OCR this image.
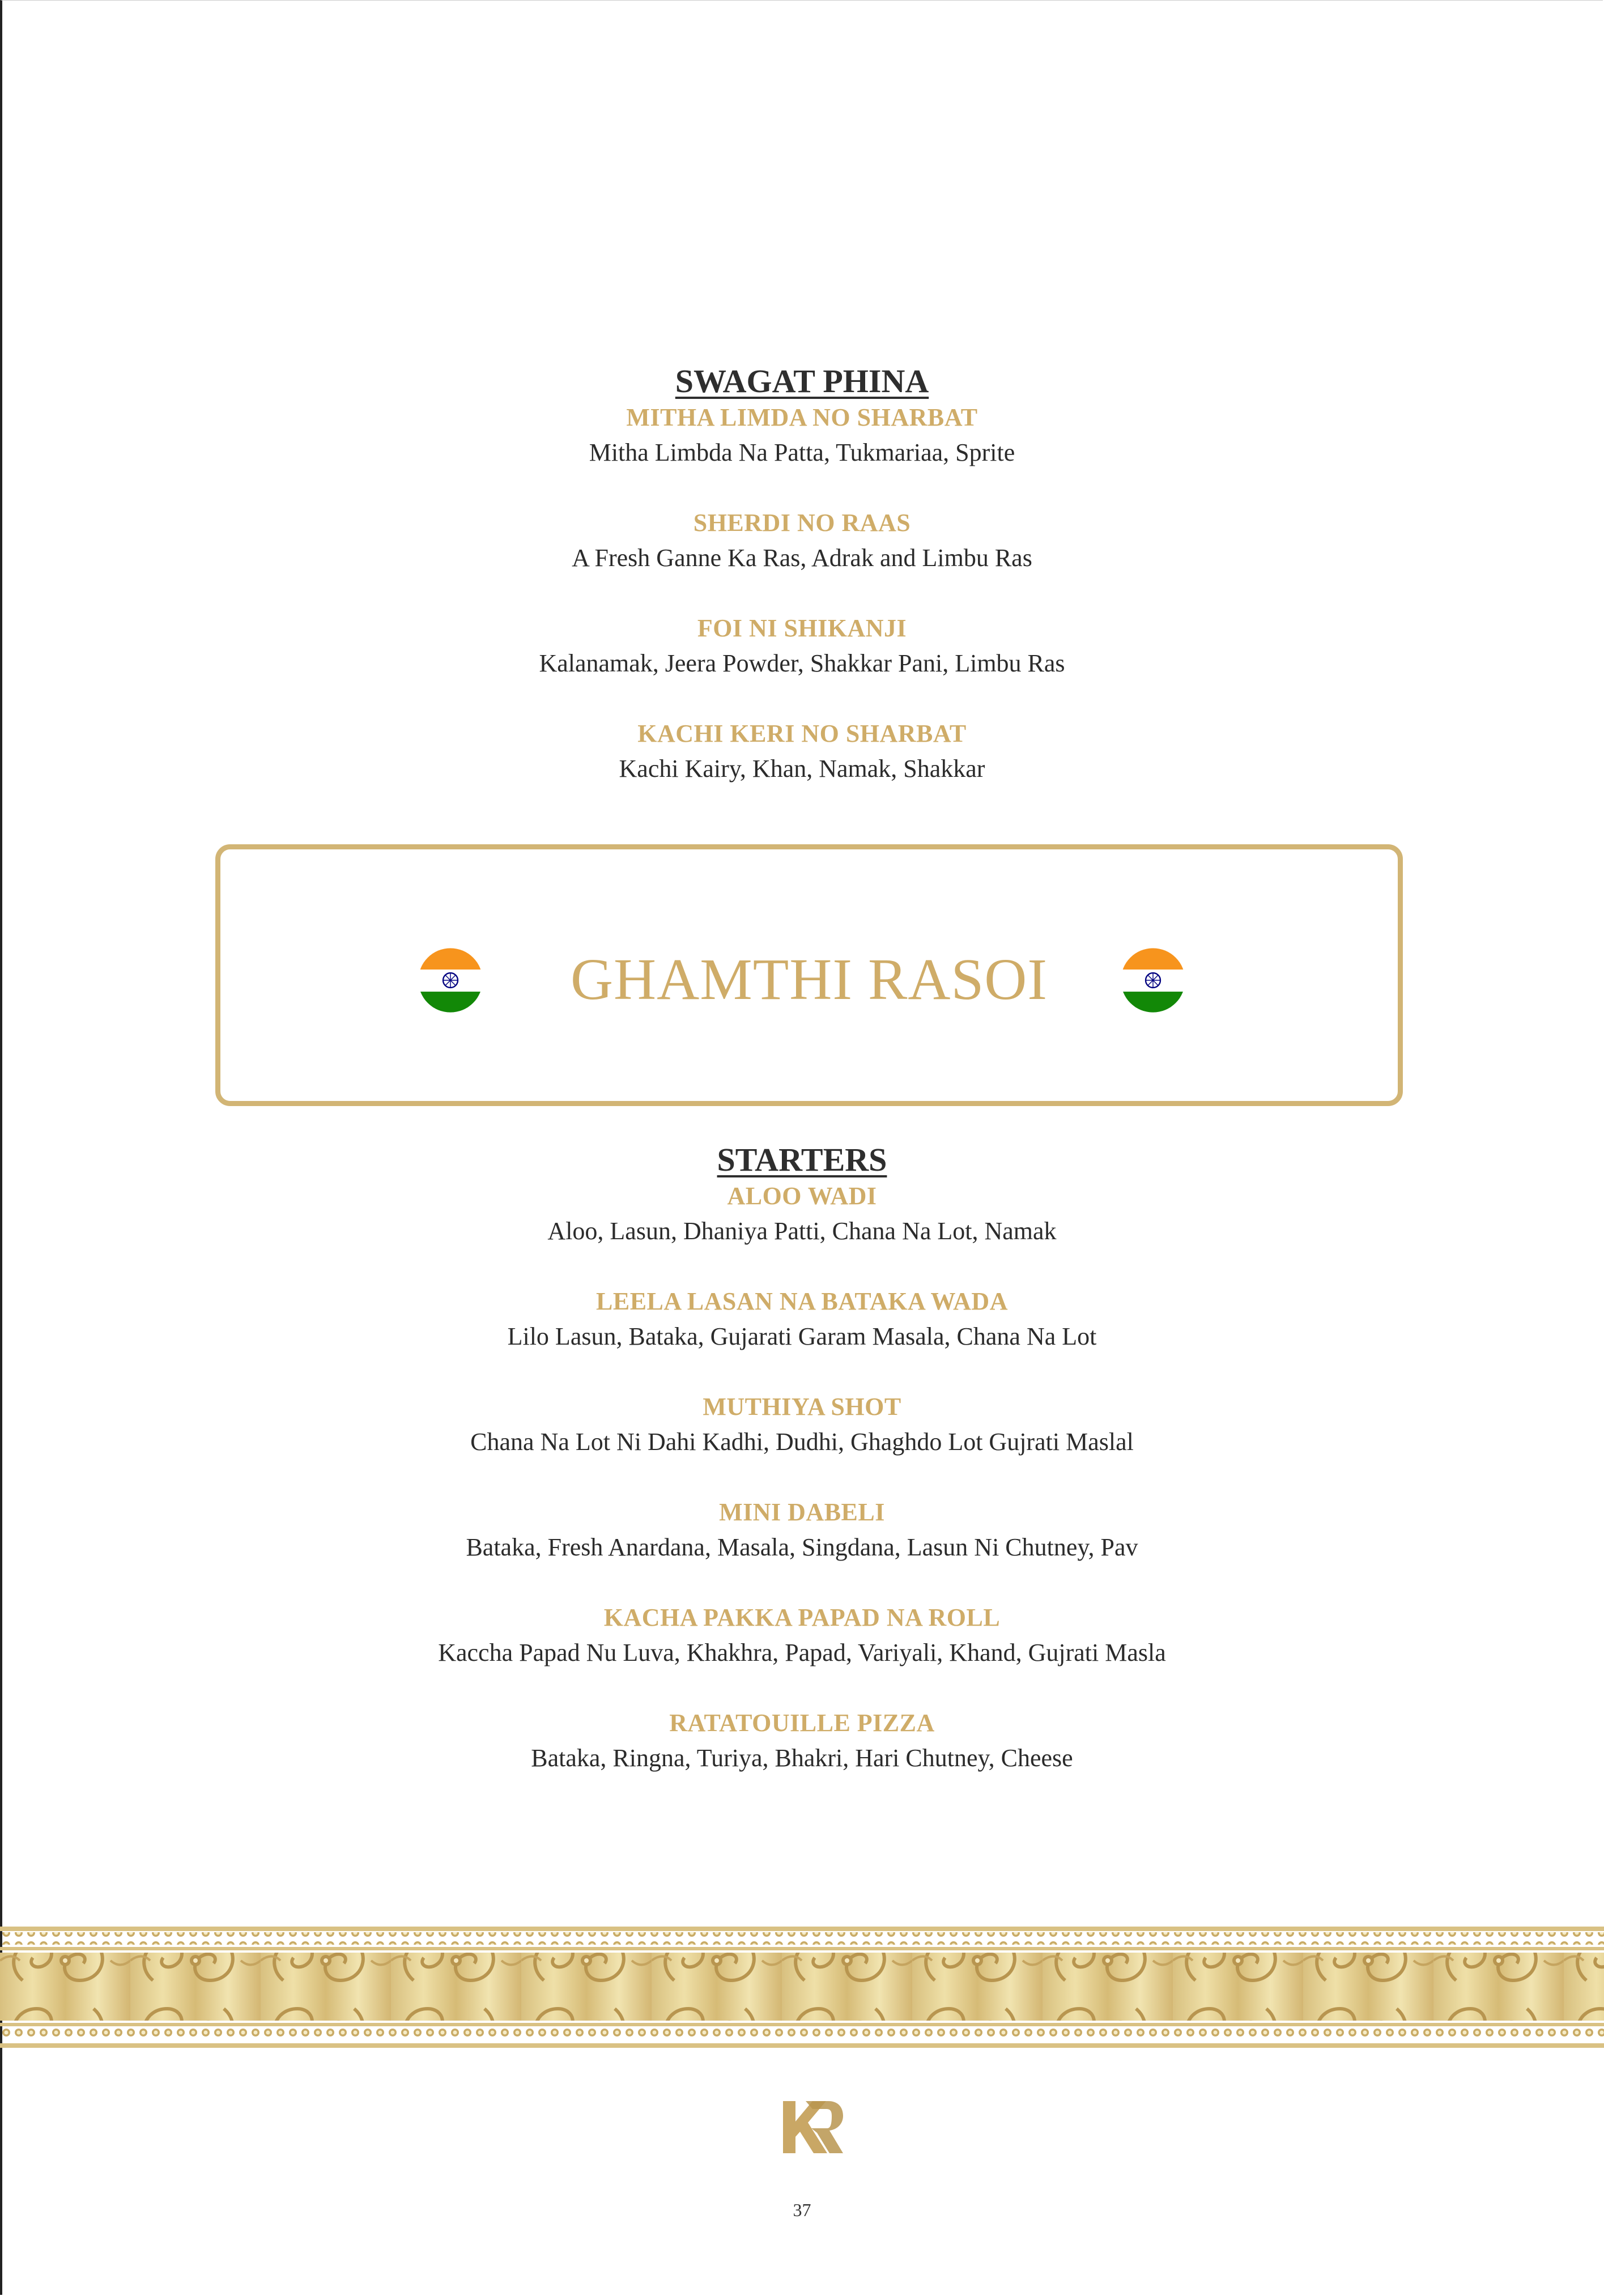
SWAGAT PHINA
MITHA LIMDA NO SHARBAT
Mitha Limbda Na Patta, Tukmariaa, Sprite
SHERDI NO RAAS
A Fresh Ganne Ka Ras, Adrak and Limbu Ras
FOI NI SHIKANJI
Kalanamak, Jeera Powder, Shakkar Pani, Limbu Ras
KACHI KERI NO SHARBAT
Kachi Kairy, Khan, Namak, Shakkar
GHAMTHI RASOI
STARTERS
ALOO WADI
Aloo, Lasun, Dhaniya Patti, Chana Na Lot, Namak
LEELA LASAN NA BATAKA WADA
Lilo Lasun, Bataka, Gujarati Garam Masala, Chana Na Lot
MUTHIYA SHOT
Chana Na Lot Ni Dahi Kadhi, Dudhi, Ghaghdo Lot Gujrati Maslal
MINI DABELI
Bataka, Fresh Anardana, Masala, Singdana, Lasun Ni Chutney, Pav
KACHA PAKKA PAPAD NA ROLL
Kaccha Papad Nu Luva, Khakhra, Papad, Variyali, Khand, Gujrati Masla
RATATOUILLE PIZZA
Bataka, Ringna, Turiya, Bhakri, Hari Chutney, Cheese
37
